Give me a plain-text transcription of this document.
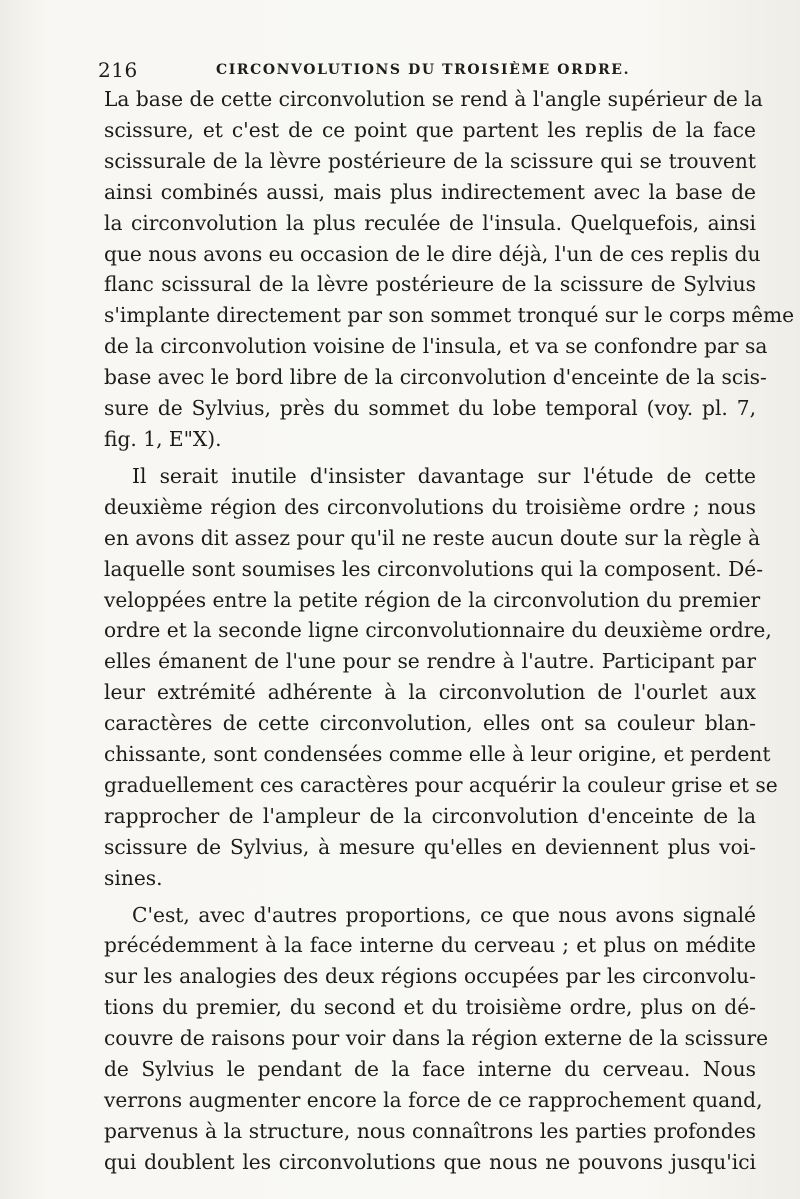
216	CIRCONVOLUTIONS DU TROISIÈME ORDRE.
La base de cette circonvolution se rend à l'angle supérieur de la
scissure, et c'est de ce point que partent les replis de la face
scissurale de la lèvre postérieure de la scissure qui se trouvent
ainsi combinés aussi, mais plus indirectement avec la base de
la circonvolution la plus reculée de l'insula. Quelquefois, ainsi
que nous avons eu occasion de le dire déjà, l'un de ces replis du
flanc scissural de la lèvre postérieure de la scissure de Sylvius
s'implante directement par son sommet tronqué sur le corps même
de la circonvolution voisine de l'insula, et va se confondre par sa
base avec le bord libre de la circonvolution d'enceinte de la scis-
sure de Sylvius, près du sommet du lobe temporal (voy. pl. 7,
fig. 1, E"X).
Il serait inutile d'insister davantage sur l'étude de cette
deuxième région des circonvolutions du troisième ordre ; nous
en avons dit assez pour qu'il ne reste aucun doute sur la règle à
laquelle sont soumises les circonvolutions qui la composent. Dé-
veloppées entre la petite région de la circonvolution du premier
ordre et la seconde ligne circonvolutionnaire du deuxième ordre,
elles émanent de l'une pour se rendre à l'autre. Participant par
leur extrémité adhérente à la circonvolution de l'ourlet aux
caractères de cette circonvolution, elles ont sa couleur blan-
chissante, sont condensées comme elle à leur origine, et perdent
graduellement ces caractères pour acquérir la couleur grise et se
rapprocher de l'ampleur de la circonvolution d'enceinte de la
scissure de Sylvius, à mesure qu'elles en deviennent plus voi-
sines.
C'est, avec d'autres proportions, ce que nous avons signalé
précédemment à la face interne du cerveau ; et plus on médite
sur les analogies des deux régions occupées par les circonvolu-
tions du premier, du second et du troisième ordre, plus on dé-
couvre de raisons pour voir dans la région externe de la scissure
de Sylvius le pendant de la face interne du cerveau. Nous
verrons augmenter encore la force de ce rapprochement quand,
parvenus à la structure, nous connaîtrons les parties profondes
qui doublent les circonvolutions que nous ne pouvons jusqu'ici
